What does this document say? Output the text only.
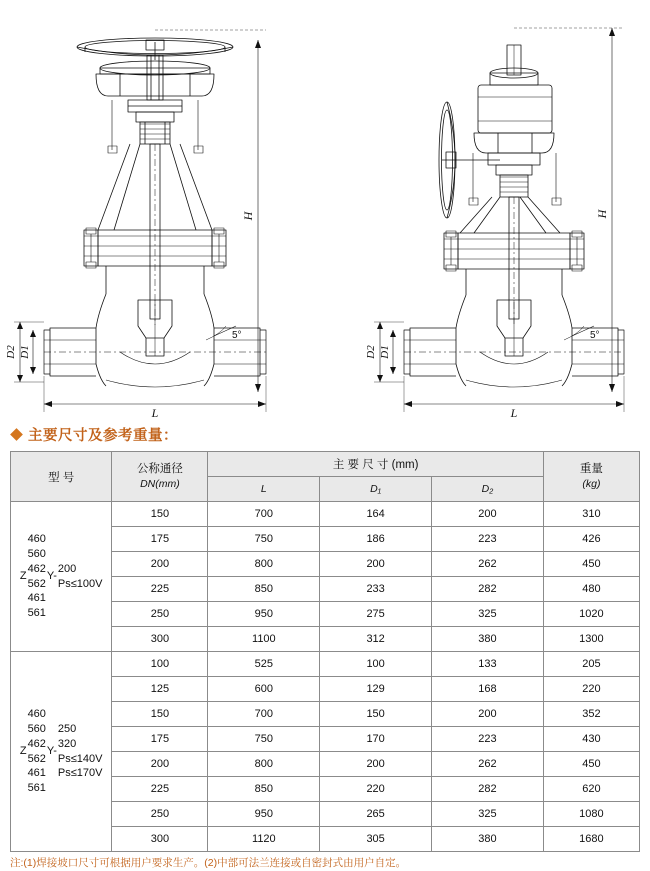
H
L
D1
D2
5°
H
L
D1
D2
5°
主要尺寸及参考重量：
型 号	
公称通径
DN(mm)
	主 要 尺 寸 (mm)	重量
(kg)

		L	D₁	D₂	

Z
460
560
462
562
461
561
Y-
200
Ps≤100V
	150	700	164	200	310
	175	750	186	223	426
	200	800	200	262	450
	225	850	233	282	480
	250	950	275	325	1020
	300	1100	312	380	1300

Z
460
560
462
562
461
561
Y-
250
320
Ps≤140V
Ps≤170V
	100	525	100	133	205
	125	600	129	168	220
	150	700	150	200	352
	175	750	170	223	430
	200	800	200	262	450
	225	850	220	282	620
	250	950	265	325	1080
	300	1120	305	380	1680
注:(1)焊接坡口尺寸可根据用户要求生产。(2)中部可法兰连接或自密封式由用户自定。
